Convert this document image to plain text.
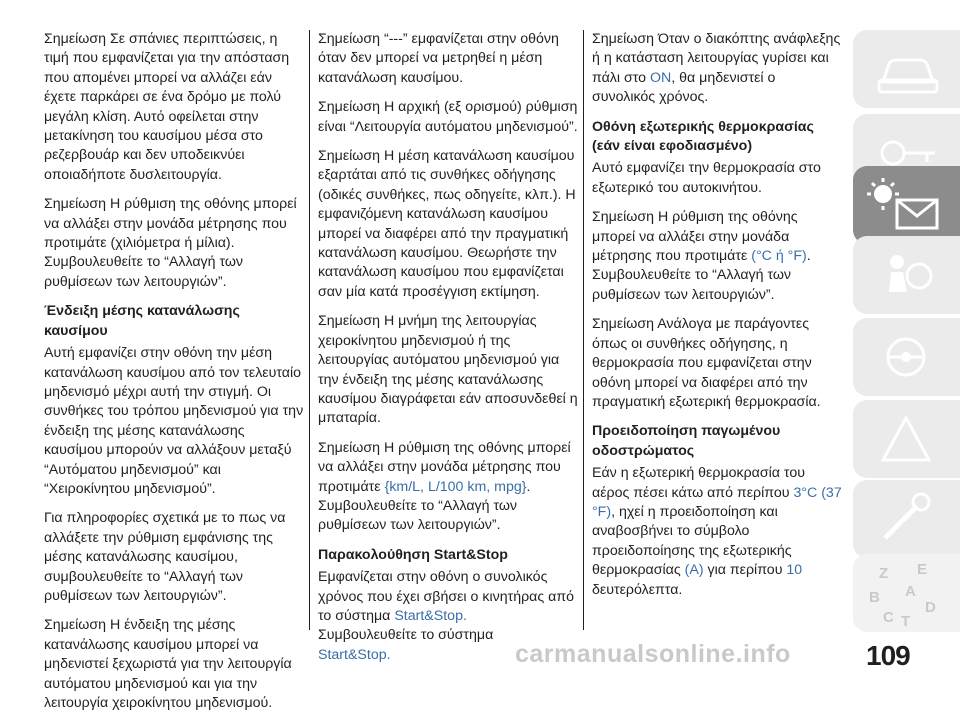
Σημείωση Σε σπάνιες περιπτώσεις, η τιμή που εμφανίζεται για την απόσταση που απομένει μπορεί να αλλάζει εάν έχετε παρκάρει σε ένα δρόμο με πολύ μεγάλη κλίση. Αυτό οφείλεται στην μετακίνηση του καυσίμου μέσα στο ρεζερβουάρ και δεν υποδεικνύει οποιαδήποτε δυσλειτουργία.

Σημείωση Η ρύθμιση της οθόνης μπορεί να αλλάξει στην μονάδα μέτρησης που προτιμάτε (χιλιόμετρα ή μίλια). Συμβουλευθείτε το “Αλλαγή των ρυθμίσεων των λειτουργιών”.

Ένδειξη μέσης κατανάλωσης καυσίμου

Αυτή εμφανίζει στην οθόνη την μέση κατανάλωση καυσίμου από τον τελευταίο μηδενισμό μέχρι αυτή την στιγμή. Οι συνθήκες του τρόπου μηδενισμού για την ένδειξη της μέσης κατανάλωσης καυσίμου μπορούν να αλλάξουν μεταξύ “Αυτόματου μηδενισμού” και “Χειροκίνητου μηδενισμού”.

Για πληροφορίες σχετικά με το πως να αλλάξετε την ρύθμιση εμφάνισης της μέσης κατανάλωσης καυσίμου, συμβουλευθείτε το “Αλλαγή των ρυθμίσεων των λειτουργιών”.

Σημείωση Η ένδειξη της μέσης κατανάλωσης καυσίμου μπορεί να μηδενιστεί ξεχωριστά για την λειτουργία αυτόματου μηδενισμού και για την λειτουργία χειροκίνητου μηδενισμού.

Σημείωση “---” εμφανίζεται στην οθόνη όταν δεν μπορεί να μετρηθεί η μέση κατανάλωση καυσίμου.

Σημείωση Η αρχική (εξ ορισμού) ρύθμιση είναι “Λειτουργία αυτόματου μηδενισμού”.

Σημείωση Η μέση κατανάλωση καυσίμου εξαρτάται από τις συνθήκες οδήγησης (οδικές συνθήκες, πως οδηγείτε, κλπ.). Η εμφανιζόμενη κατανάλωση καυσίμου μπορεί να διαφέρει από την πραγματική κατανάλωση καυσίμου. Θεωρήστε την κατανάλωση καυσίμου που εμφανίζεται σαν μία κατά προσέγγιση εκτίμηση.

Σημείωση Η μνήμη της λειτουργίας χειροκίνητου μηδενισμού ή της λειτουργίας αυτόματου μηδενισμού για την ένδειξη της μέσης κατανάλωσης καυσίμου διαγράφεται εάν αποσυνδεθεί η μπαταρία.

Σημείωση Η ρύθμιση της οθόνης μπορεί να αλλάξει στην μονάδα μέτρησης που προτιμάτε {km/L, L/100 km, mpg}. Συμβουλευθείτε το “Αλλαγή των ρυθμίσεων των λειτουργιών”.

Παρακολούθηση Start&Stop

Εμφανίζεται στην οθόνη ο συνολικός χρόνος που έχει σβήσει ο κινητήρας από το σύστημα Start&Stop.
Συμβουλευθείτε το σύστημα
Start&Stop.

Σημείωση Όταν ο διακόπτης ανάφλεξης ή η κατάσταση λειτουργίας γυρίσει και πάλι στο ON, θα μηδενιστεί ο συνολικός χρόνος.

Οθόνη εξωτερικής θερμοκρασίας (εάν είναι εφοδιασμένο)

Αυτό εμφανίζει την θερμοκρασία στο εξωτερικό του αυτοκινήτου.

Σημείωση Η ρύθμιση της οθόνης μπορεί να αλλάξει στην μονάδα μέτρησης που προτιμάτε (°C ή °F). Συμβουλευθείτε το “Αλλαγή των ρυθμίσεων των λειτουργιών”.

Σημείωση Ανάλογα με παράγοντες όπως οι συνθήκες οδήγησης, η θερμοκρασία που εμφανίζεται στην οθόνη μπορεί να διαφέρει από την πραγματική εξωτερική θερμοκρασία.

Προειδοποίηση παγωμένου οδοστρώματος

Εάν η εξωτερική θερμοκρασία του αέρος πέσει κάτω από περίπου 3°C (37 °F), ηχεί η προειδοποίηση και αναβοσβήνει το σύμβολο προειδοποίησης της εξωτερικής θερμοκρασίας (A) για περίπου 10 δευτερόλεπτα.

Z E
B A
C T
D
carmanualsonline.info	109
